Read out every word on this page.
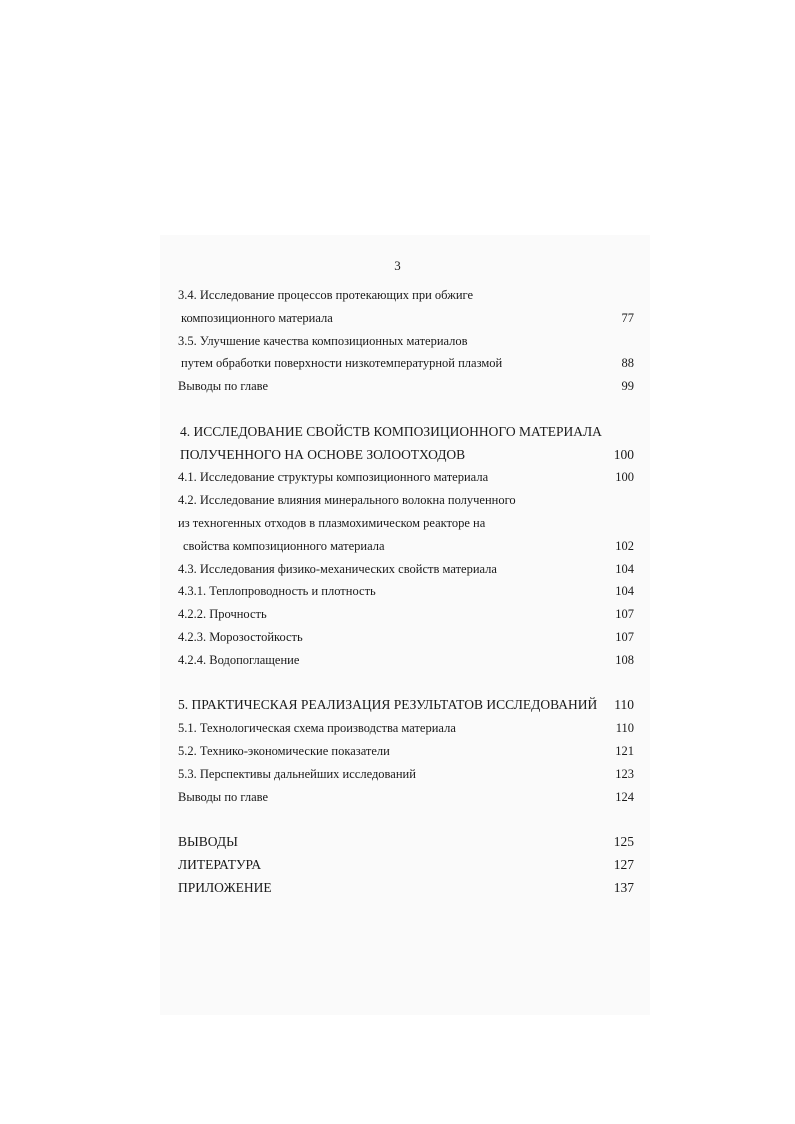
3
3.4. Исследование процессов протекающих при обжиге
композиционного материала	77
3.5. Улучшение качества композиционных материалов
путем обработки поверхности низкотемпературной плазмой	88
Выводы по главе	99
4. ИССЛЕДОВАНИЕ СВОЙСТВ КОМПОЗИЦИОННОГО МАТЕРИАЛА
ПОЛУЧЕННОГО НА ОСНОВЕ ЗОЛООТХОДОВ	100
4.1. Исследование структуры композиционного материала	100
4.2. Исследование влияния минерального волокна полученного
из техногенных отходов в плазмохимическом реакторе на
свойства композиционного материала	102
4.3. Исследования физико-механических свойств материала	104
4.3.1. Теплопроводность и плотность	104
4.2.2. Прочность	107
4.2.3. Морозостойкость	107
4.2.4. Водопоглащение	108
5. ПРАКТИЧЕСКАЯ РЕАЛИЗАЦИЯ РЕЗУЛЬТАТОВ ИССЛЕДОВАНИЙ 110
5.1. Технологическая схема производства материала	110
5.2. Технико-экономические показатели	121
5.3. Перспективы дальнейших исследований	123
Выводы по главе	124
ВЫВОДЫ	125
ЛИТЕРАТУРА	127
ПРИЛОЖЕНИЕ	137
